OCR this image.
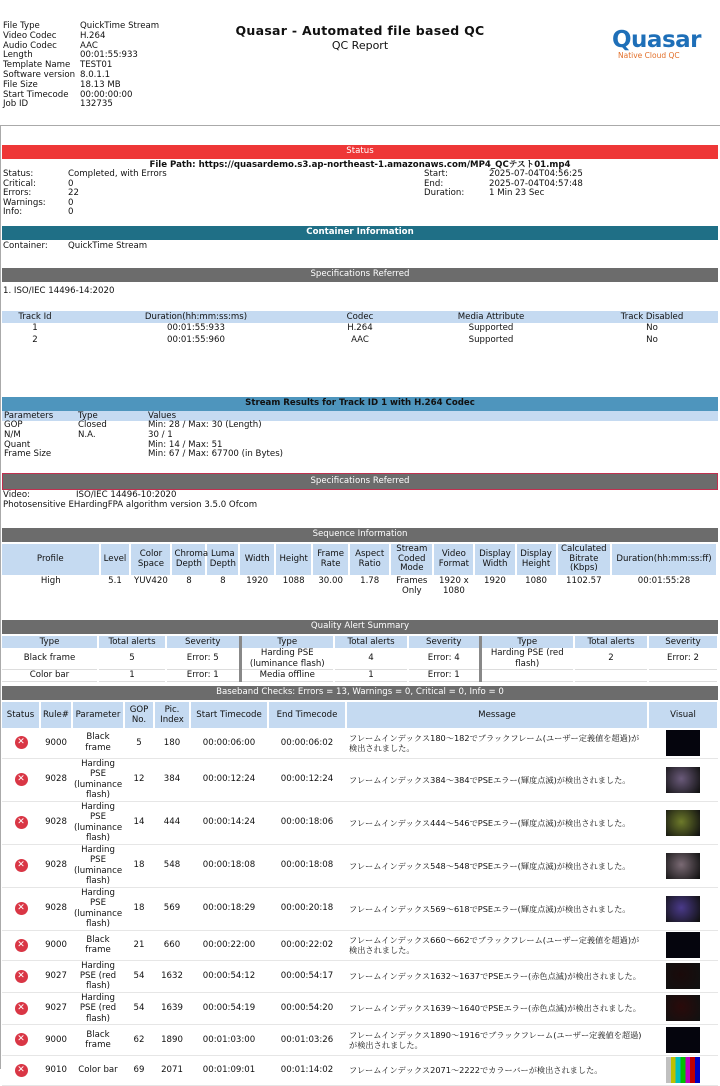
File Type	QuickTime Stream
Video Codec	H.264
Audio Codec	AAC
Length	00:01:55:933
Template Name	TEST01
Software version 8.0.1.1
File Size	18.13 MB
Start Timecode	00:00:00:00
Job ID	132735
Quasar - Automated file based QC
QC Report	Quasar
Native Cloud QC
Status
File Path: https://quasardemo.s3.ap-northeast-1.amazonaws.com/MP4_QCテスト01.mp4
Status:	Completed, with Errors
Critical:	0
Errors:	22
Warnings:	0
Info:	0
Start:	2025-07-04T04:56:25
End:	2025-07-04T04:57:48
Duration:	1 Min 23 Sec
Container Information
Container: QuickTime Stream
Specifications Referred
1. ISO/IEC 14496-14:2020
Track Id	Duration(hh:mm:ss:ms)	Codec	Media Attribute	Track Disabled
1	00:01:55:933	H.264	Supported	No
2	00:01:55:960	AAC	Supported	No
Stream Results for Track ID 1 with H.264 Codec
Parameters	Type	Values
GOP	Closed	Min: 28 / Max: 30 (Length)
N/M	N.A.	30 / 1
Quant		Min: 14 / Max: 51
Frame Size		Min: 67 / Max: 67700 (in Bytes)
Specifications Referred
Video:	ISO/IEC 14496-10:2020
Photosensitive EHardingFPA algorithm version 3.5.0 Ofcom
Sequence Information
Profile	Level	Color Space	Chroma Depth	Luma Depth	Width	Height	Frame Rate	Aspect Ratio	Stream Coded Mode	Video Format	Display Width	Display Height	Calculated Bitrate (Kbps)	Duration(hh:mm:ss:ff)
High	5.1	YUV420	8	8	1920	1088	30.00	1.78	Frames Only	1920 x 1080	1920	1080	1102.57	00:01:55:28
Quality Alert Summary
Type	Total alerts	Severity	Type	Total alerts	Severity	Type	Total alerts	Severity
Black frame	5	Error: 5	Harding PSE (luminance flash)	4	Error: 4	Harding PSE (red flash)	2	Error: 2
Color bar	1	Error: 1	Media offline	1	Error: 1			
Baseband Checks: Errors = 13, Warnings = 0, Critical = 0, Info = 0
Status	Rule#	Parameter	GOP No.	Pic. Index	Start Timecode	End Timecode	Message	Visual
✕	9000	Black frame	5	180	00:00:06:00	00:00:06:02	フレームインデックス180～182でブラックフレーム(ユーザー定義値を超過)が検出されました。	
✕	9028	Harding PSE (luminance flash)	12	384	00:00:12:24	00:00:12:24	フレームインデックス384～384でPSEエラー(輝度点滅)が検出されました。	
✕	9028	Harding PSE (luminance flash)	14	444	00:00:14:24	00:00:18:06	フレームインデックス444～546でPSEエラー(輝度点滅)が検出されました。	
✕	9028	Harding PSE (luminance flash)	18	548	00:00:18:08	00:00:18:08	フレームインデックス548～548でPSEエラー(輝度点滅)が検出されました。	
✕	9028	Harding PSE (luminance flash)	18	569	00:00:18:29	00:00:20:18	フレームインデックス569～618でPSEエラー(輝度点滅)が検出されました。	
✕	9000	Black frame	21	660	00:00:22:00	00:00:22:02	フレームインデックス660～662でブラックフレーム(ユーザー定義値を超過)が検出されました。	
✕	9027	Harding PSE (red flash)	54	1632	00:00:54:12	00:00:54:17	フレームインデックス1632～1637でPSEエラー(赤色点滅)が検出されました。	
✕	9027	Harding PSE (red flash)	54	1639	00:00:54:19	00:00:54:20	フレームインデックス1639～1640でPSEエラー(赤色点滅)が検出されました。	
✕	9000	Black frame	62	1890	00:01:03:00	00:01:03:26	フレームインデックス1890～1916でブラックフレーム(ユーザー定義値を超過)が検出されました。	
✕	9010	Color bar	69	2071	00:01:09:01	00:01:14:02	フレームインデックス2071～2222でカラーバーが検出されました。	
